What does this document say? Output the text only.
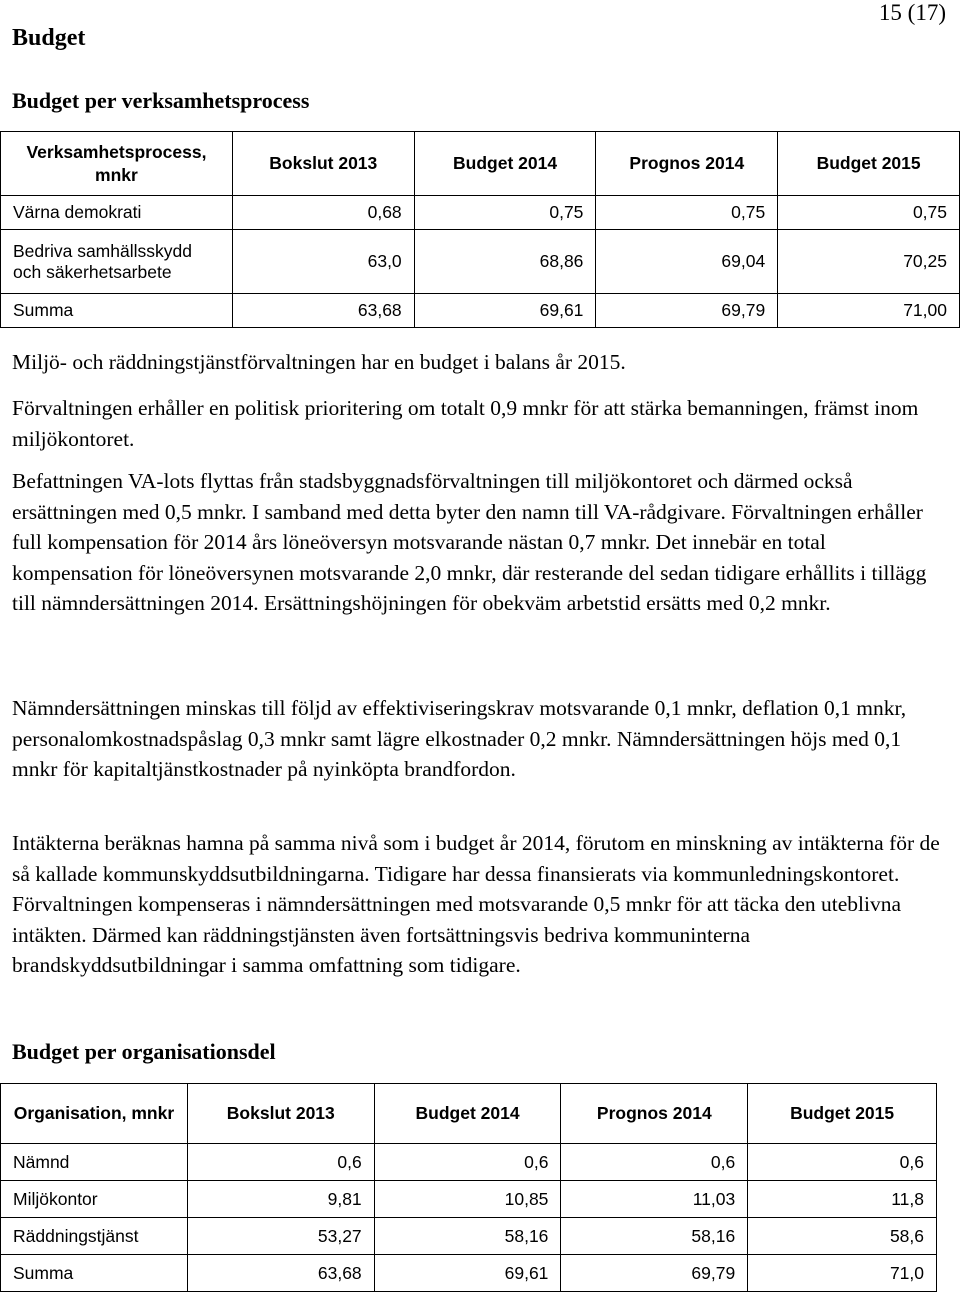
Budget
15 (17)
Budget per verksamhetsprocess
Verksamhetsprocess, mnkr	Bokslut 2013	Budget 2014	Prognos 2014	Budget 2015
Värna demokrati	0,68	0,75	0,75	0,75
Bedriva samhällsskydd och säkerhetsarbete	63,0	68,86	69,04	70,25
Summa	63,68	69,61	69,79	71,00

Miljö- och räddningstjänstförvaltningen har en budget i balans år 2015.

Förvaltningen erhåller en politisk prioritering om totalt 0,9 mnkr för att stärka bemanningen, främst inom miljökontoret.

Befattningen VA-lots flyttas från stadsbyggnadsförvaltningen till miljökontoret och därmed också ersättningen med 0,5 mnkr. I samband med detta byter den namn till VA-rådgivare. Förvaltningen erhåller full kompensation för 2014 års löneöversyn motsvarande nästan 0,7 mnkr. Det innebär en total kompensation för löneöversynen motsvarande 2,0 mnkr, där resterande del sedan tidigare erhållits i tillägg till nämndersättningen 2014. Ersättningshöjningen för obekväm arbetstid ersätts med 0,2 mnkr.

Nämndersättningen minskas till följd av effektiviseringskrav motsvarande 0,1 mnkr, deflation 0,1 mnkr, personalomkostnadspåslag 0,3 mnkr samt lägre elkostnader 0,2 mnkr. Nämndersättningen höjs med 0,1 mnkr för kapitaltjänstkostnader på nyinköpta brandfordon.

Intäkterna beräknas hamna på samma nivå som i budget år 2014, förutom en minskning av intäkterna för de så kallade kommunskyddsutbildningarna. Tidigare har dessa finansierats via kommunledningskontoret. Förvaltningen kompenseras i nämndersättningen med motsvarande 0,5 mnkr för att täcka den uteblivna intäkten. Därmed kan räddningstjänsten även fortsättningsvis bedriva kommuninterna brandskyddsutbildningar i samma omfattning som tidigare.

Budget per organisationsdel
Organisation, mnkr	Bokslut 2013	Budget 2014	Prognos 2014	Budget 2015
Nämnd	0,6	0,6	0,6	0,6
Miljökontor	9,81	10,85	11,03	11,8
Räddningstjänst	53,27	58,16	58,16	58,6
Summa	63,68	69,61	69,79	71,0
